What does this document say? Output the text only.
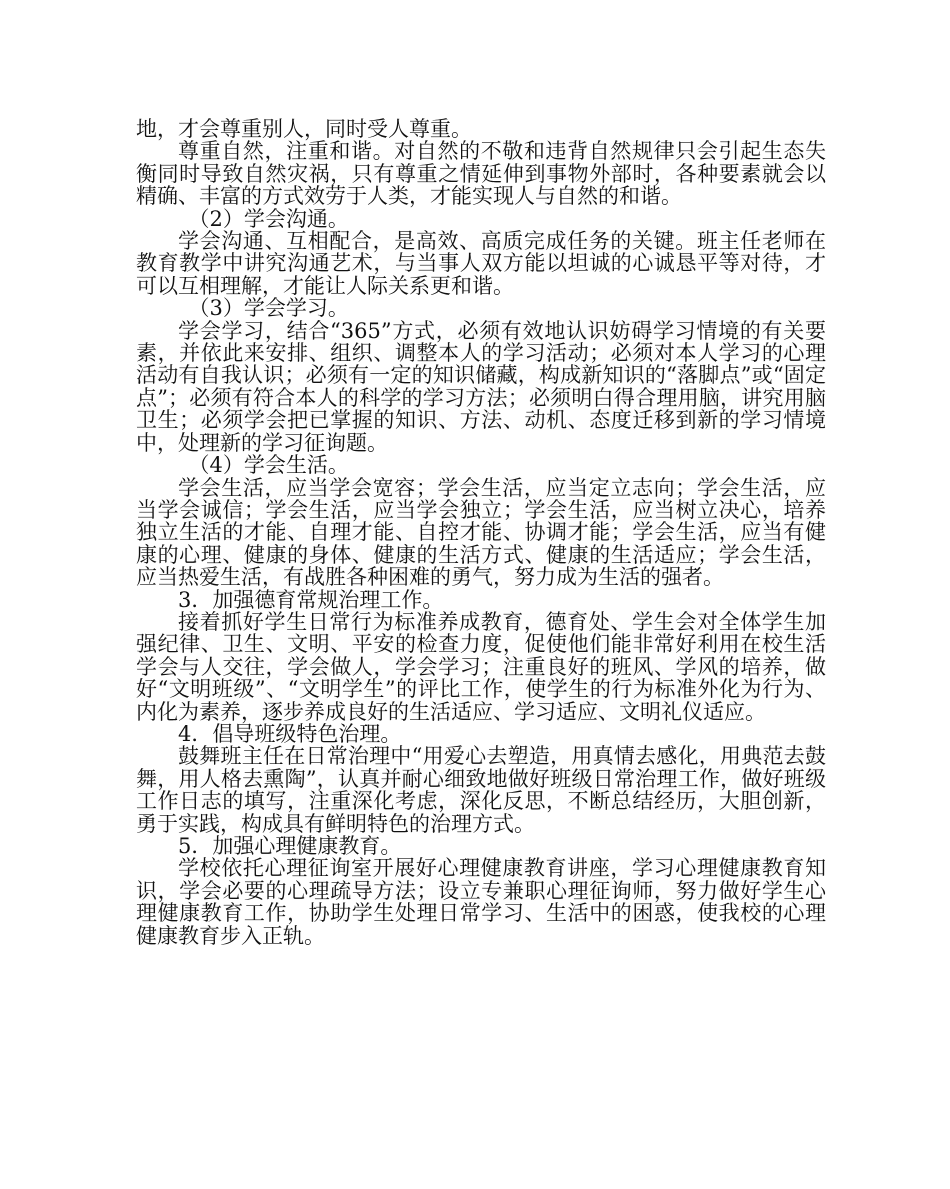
地，才会尊重别人，同时受人尊重。

尊重自然，注重和谐。对自然的不敬和违背自然规律只会引起生态失衡同时导致自然灾祸，只有尊重之情延伸到事物外部时，各种要素就会以精确、丰富的方式效劳于人类，才能实现人与自然的和谐。

（2）学会沟通。

学会沟通、互相配合，是高效、高质完成任务的关键。班主任老师在教育教学中讲究沟通艺术，与当事人双方能以坦诚的心诚恳平等对待，才可以互相理解，才能让人际关系更和谐。

（3）学会学习。

学会学习，结合“365”方式，必须有效地认识妨碍学习情境的有关要素，并依此来安排、组织、调整本人的学习活动；必须对本人学习的心理活动有自我认识；必须有一定的知识储藏，构成新知识的“落脚点”或“固定点”；必须有符合本人的科学的学习方法；必须明白得合理用脑，讲究用脑卫生；必须学会把已掌握的知识、方法、动机、态度迁移到新的学习情境中，处理新的学习征询题。

（4）学会生活。

学会生活，应当学会宽容；学会生活，应当定立志向；学会生活，应当学会诚信；学会生活，应当学会独立；学会生活，应当树立决心，培养独立生活的才能、自理才能、自控才能、协调才能；学会生活，应当有健康的心理、健康的身体、健康的生活方式、健康的生活适应；学会生活，应当热爱生活，有战胜各种困难的勇气，努力成为生活的强者。

3．加强德育常规治理工作。

接着抓好学生日常行为标准养成教育，德育处、学生会对全体学生加强纪律、卫生、文明、平安的检查力度，促使他们能非常好利用在校生活学会与人交往，学会做人，学会学习；注重良好的班风、学风的培养，做好“文明班级”、“文明学生”的评比工作，使学生的行为标准外化为行为、内化为素养，逐步养成良好的生活适应、学习适应、文明礼仪适应。

4．倡导班级特色治理。

鼓舞班主任在日常治理中“用爱心去塑造，用真情去感化，用典范去鼓舞，用人格去熏陶”，认真并耐心细致地做好班级日常治理工作，做好班级工作日志的填写，注重深化考虑，深化反思，不断总结经历，大胆创新，勇于实践，构成具有鲜明特色的治理方式。

5．加强心理健康教育。

学校依托心理征询室开展好心理健康教育讲座，学习心理健康教育知识，学会必要的心理疏导方法；设立专兼职心理征询师，努力做好学生心理健康教育工作，协助学生处理日常学习、生活中的困惑，使我校的心理健康教育步入正轨。
